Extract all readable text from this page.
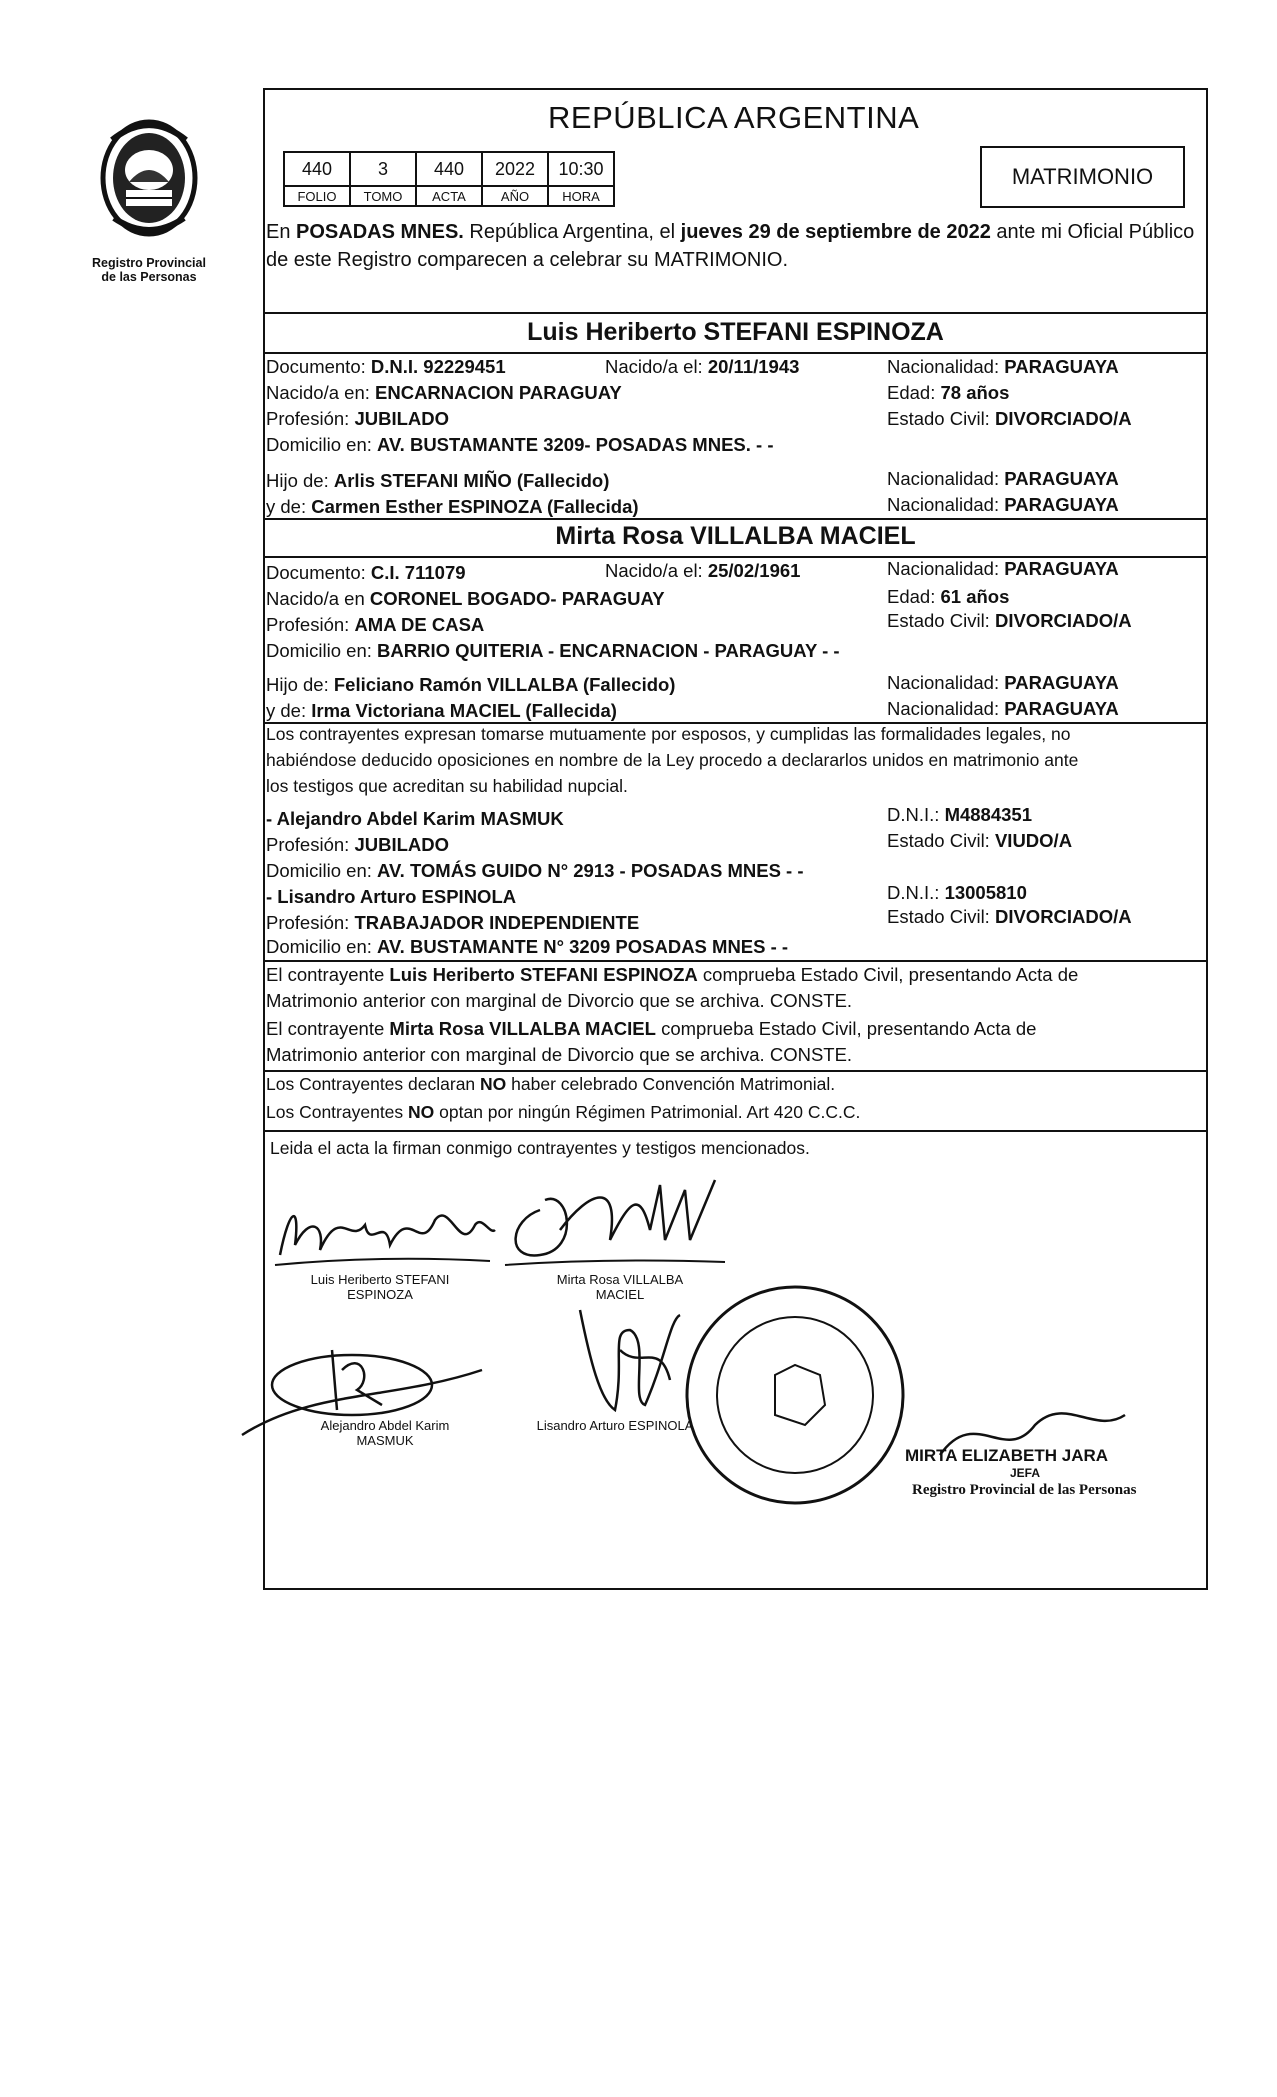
Registro Provincial
de las Personas
REPÚBLICA ARGENTINA
440	3	440	2022	10:30
FOLIO	TOMO	ACTA	AÑO	HORA
MATRIMONIO
En POSADAS MNES. República Argentina, el jueves 29 de septiembre de 2022 ante mi Oficial Público de este Registro comparecen a celebrar su MATRIMONIO.
Luis Heriberto STEFANI ESPINOZA
Documento: D.N.I. 92229451	Nacido/a el: 20/11/1943	Nacionalidad: PARAGUAYA
Nacido/a en: ENCARNACION PARAGUAY	Edad: 78 años
Profesión: JUBILADO	Estado Civil: DIVORCIADO/A
Domicilio en: AV. BUSTAMANTE 3209- POSADAS MNES. - -
Hijo de: Arlis STEFANI MIÑO (Fallecido)	Nacionalidad: PARAGUAYA
y de: Carmen Esther ESPINOZA (Fallecida)	Nacionalidad: PARAGUAYA
Mirta Rosa VILLALBA MACIEL
Documento: C.I. 711079	Nacido/a el: 25/02/1961	Nacionalidad: PARAGUAYA
Nacido/a en CORONEL BOGADO- PARAGUAY	Edad: 61 años
Profesión: AMA DE CASA	Estado Civil: DIVORCIADO/A
Domicilio en: BARRIO QUITERIA - ENCARNACION - PARAGUAY - -
Hijo de: Feliciano Ramón VILLALBA (Fallecido)	Nacionalidad: PARAGUAYA
y de: Irma Victoriana MACIEL (Fallecida)	Nacionalidad: PARAGUAYA
Los contrayentes expresan tomarse mutuamente por esposos, y cumplidas las formalidades legales, no
habiéndose deducido oposiciones en nombre de la Ley procedo a declararlos unidos en matrimonio ante
los testigos que acreditan su habilidad nupcial.
- Alejandro Abdel Karim MASMUK	D.N.I.: M4884351
Profesión: JUBILADO	Estado Civil: VIUDO/A
Domicilio en: AV. TOMÁS GUIDO N° 2913 - POSADAS MNES - -
- Lisandro Arturo ESPINOLA	D.N.I.: 13005810
Profesión: TRABAJADOR INDEPENDIENTE	Estado Civil: DIVORCIADO/A
Domicilio en: AV. BUSTAMANTE N° 3209 POSADAS MNES - -
El contrayente Luis Heriberto STEFANI ESPINOZA comprueba Estado Civil, presentando Acta de
Matrimonio anterior con marginal de Divorcio que se archiva. CONSTE.
El contrayente Mirta Rosa VILLALBA MACIEL comprueba Estado Civil, presentando Acta de
Matrimonio anterior con marginal de Divorcio que se archiva. CONSTE.
Los Contrayentes declaran NO haber celebrado Convención Matrimonial.
Los Contrayentes NO optan por ningún Régimen Patrimonial. Art 420 C.C.C.
Leida el acta la firman conmigo contrayentes y testigos mencionados.
Luis Heriberto STEFANI
ESPINOZA
Mirta Rosa VILLALBA
MACIEL
Alejandro Abdel Karim
MASMUK
Lisandro Arturo ESPINOLA
MIRTA ELIZABETH JARA
JEFA
Registro Provincial de las Personas
